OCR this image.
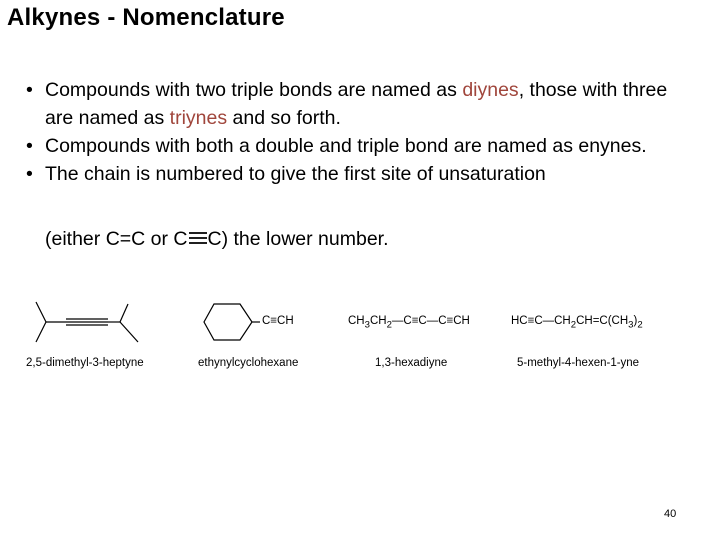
Alkynes - Nomenclature
• Compounds with two triple bonds are named as diynes, those with three are named as triynes and so forth.
• Compounds with both a double and triple bond are named as enynes.
• The chain is numbered to give the first site of unsaturation
(either C=C or C C) the lower number.
2,5-dimethyl-3-heptyne
C≡CH
ethynylcyclohexane
$CH_3CH_2—C\equiv C—C\equiv CH$
1,3-hexadiyne
$HC\equiv C—CH_2CH=C(CH_3)_2$
5-methyl-4-hexen-1-yne
40
